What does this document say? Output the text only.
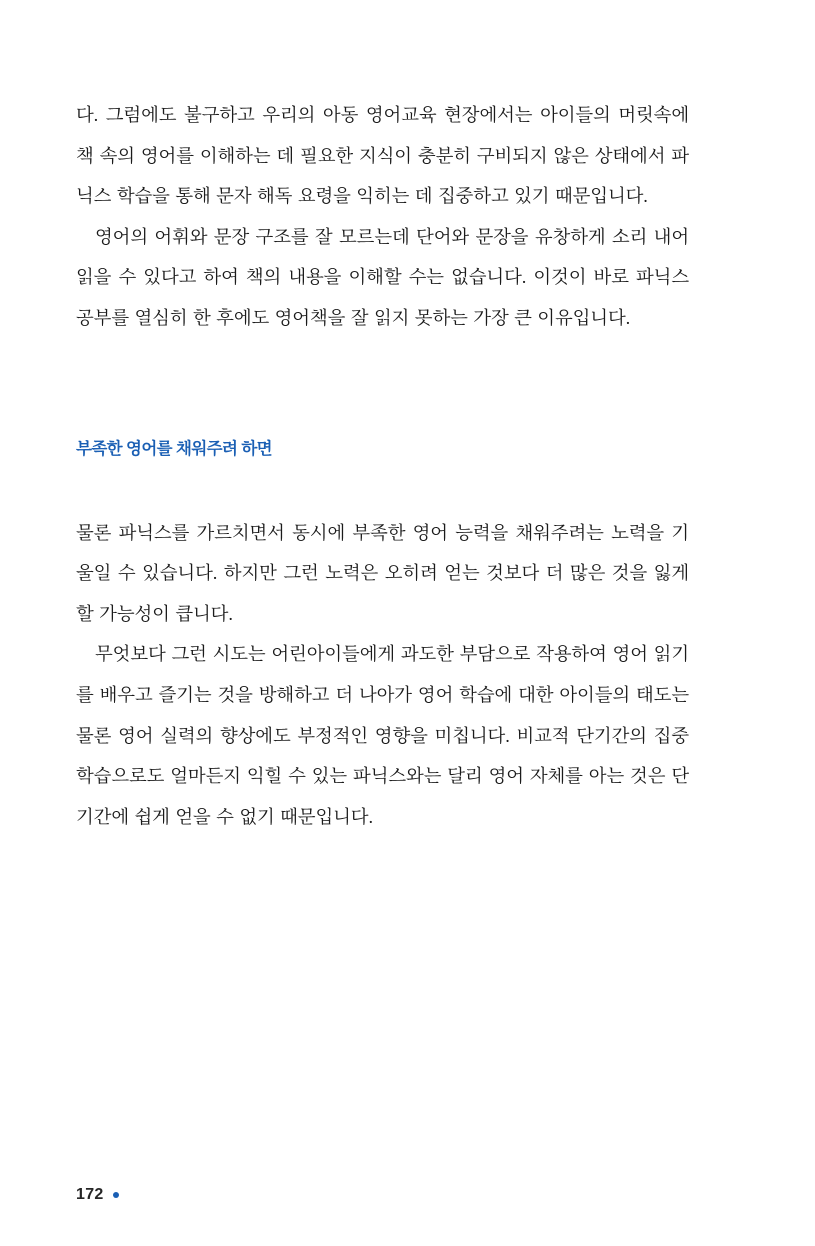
다. 그럼에도 불구하고 우리의 아동 영어교육 현장에서는 아이들의 머릿속에 책 속의 영어를 이해하는 데 필요한 지식이 충분히 구비되지 않은 상태에서 파닉스 학습을 통해 문자 해독 요령을 익히는 데 집중하고 있기 때문입니다.

영어의 어휘와 문장 구조를 잘 모르는데 단어와 문장을 유창하게 소리 내어 읽을 수 있다고 하여 책의 내용을 이해할 수는 없습니다. 이것이 바로 파닉스 공부를 열심히 한 후에도 영어책을 잘 읽지 못하는 가장 큰 이유입니다.

부족한 영어를 채워주려 하면

물론 파닉스를 가르치면서 동시에 부족한 영어 능력을 채워주려는 노력을 기울일 수 있습니다. 하지만 그런 노력은 오히려 얻는 것보다 더 많은 것을 잃게 할 가능성이 큽니다.

무엇보다 그런 시도는 어린아이들에게 과도한 부담으로 작용하여 영어 읽기를 배우고 즐기는 것을 방해하고 더 나아가 영어 학습에 대한 아이들의 태도는 물론 영어 실력의 향상에도 부정적인 영향을 미칩니다. 비교적 단기간의 집중 학습으로도 얼마든지 익힐 수 있는 파닉스와는 달리 영어 자체를 아는 것은 단기간에 쉽게 얻을 수 없기 때문입니다.

172
